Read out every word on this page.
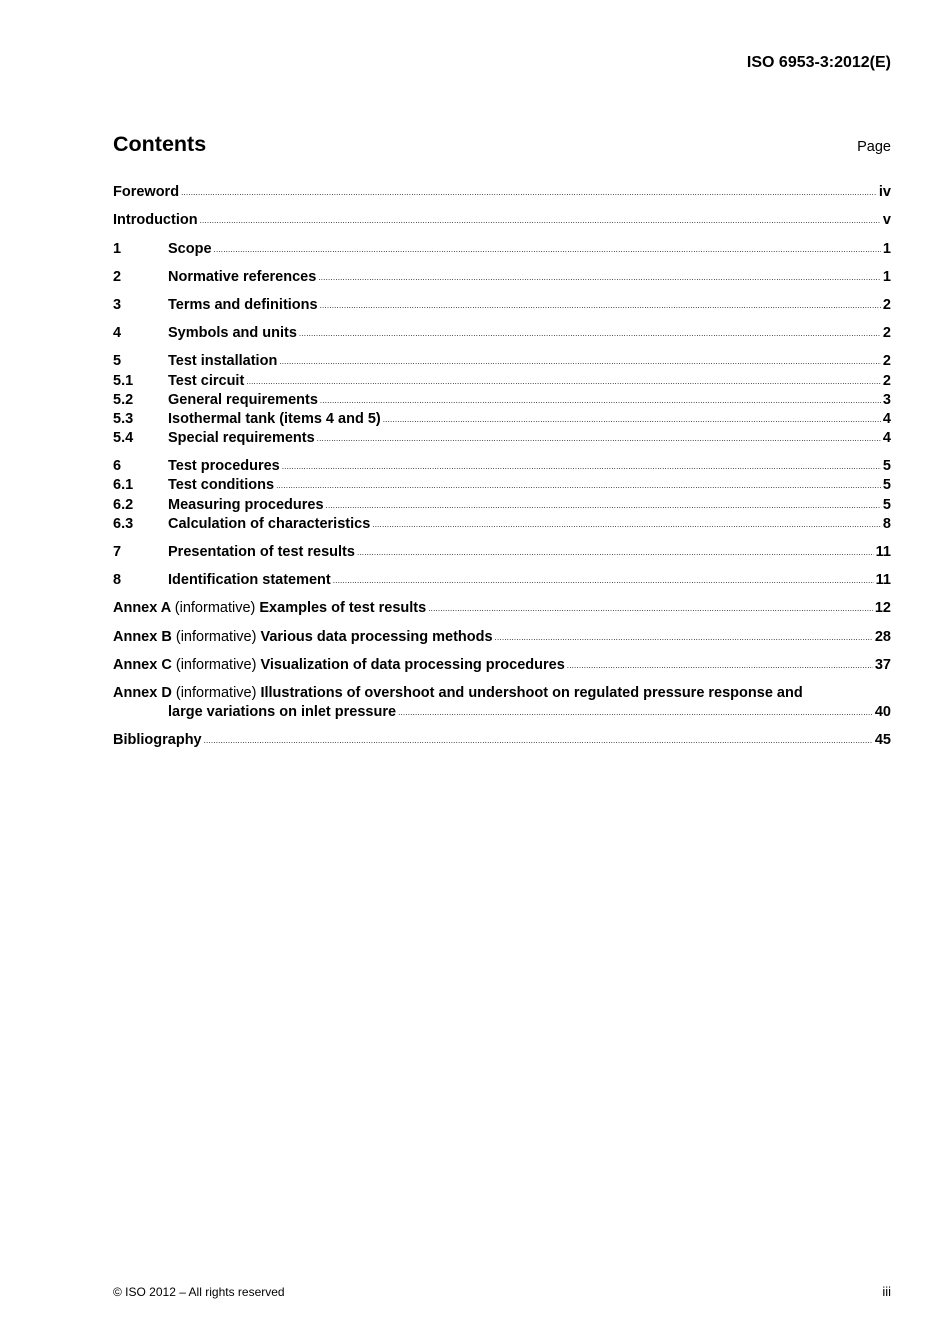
ISO 6953-3:2012(E)
Contents	Page
Foreword .....	iv
Introduction .....	v
1	Scope .....	1
2	Normative references .....	1
3	Terms and definitions .....	2
4	Symbols and units .....	2
5	Test installation .....	2
5.1	Test circuit .....	2
5.2	General requirements .....	3
5.3	Isothermal tank (items 4 and 5) .....	4
5.4	Special requirements .....	4
6	Test procedures .....	5
6.1	Test conditions .....	5
6.2	Measuring procedures .....	5
6.3	Calculation of characteristics .....	8
7	Presentation of test results .....	11
8	Identification statement .....	11
Annex A (informative) Examples of test results .....	12
Annex B (informative) Various data processing methods .....	28
Annex C (informative) Visualization of data processing procedures .....	37
Annex D (informative) Illustrations of overshoot and undershoot on regulated pressure response and
large variations on inlet pressure .....	40
Bibliography .....	45
© ISO 2012 – All rights reserved	iii
